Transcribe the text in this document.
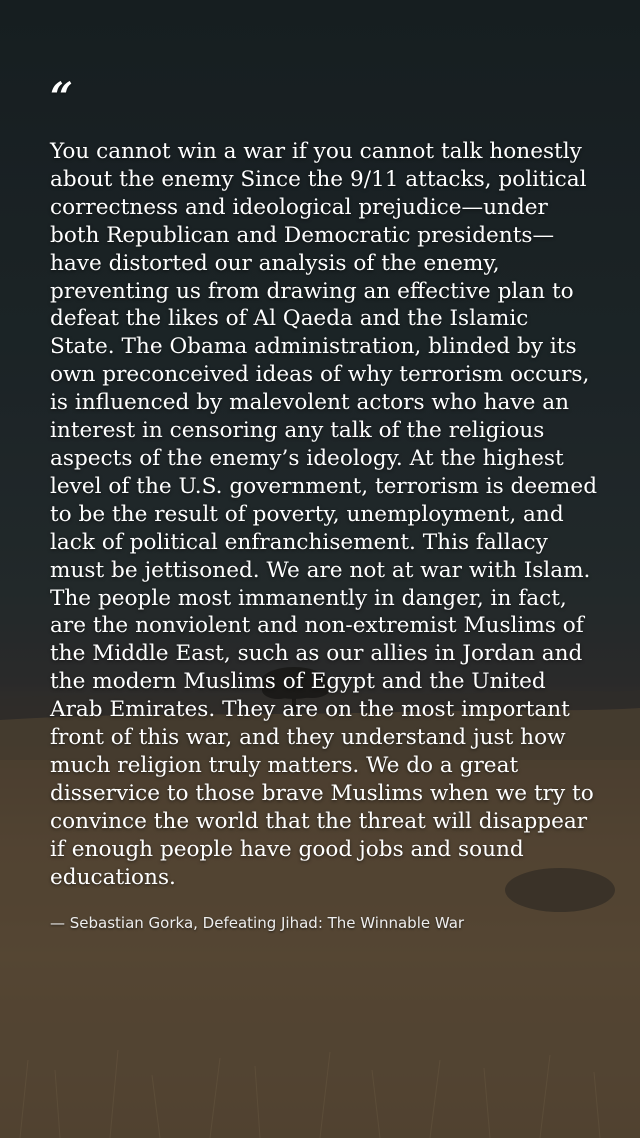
“

You cannot win a war if you cannot talk honestly about the enemy Since the 9/11 attacks, political correctness and ideological prejudice—under both Republican and Democratic presidents—have distorted our analysis of the enemy, preventing us from drawing an effective plan to defeat the likes of Al Qaeda and the Islamic State. The Obama administration, blinded by its own preconceived ideas of why terrorism occurs, is influenced by malevolent actors who have an interest in censoring any talk of the religious aspects of the enemy’s ideology. At the highest level of the U.S. government, terrorism is deemed to be the result of poverty, unemployment, and lack of political enfranchisement. This fallacy must be jettisoned. We are not at war with Islam. The people most immanently in danger, in fact, are the nonviolent and non-extremist Muslims of the Middle East, such as our allies in Jordan and the modern Muslims of Egypt and the United Arab Emirates. They are on the most important front of this war, and they understand just how much religion truly matters. We do a great disservice to those brave Muslims when we try to convince the world that the threat will disappear if enough people have good jobs and sound educations.

— Sebastian Gorka, Defeating Jihad: The Winnable War
